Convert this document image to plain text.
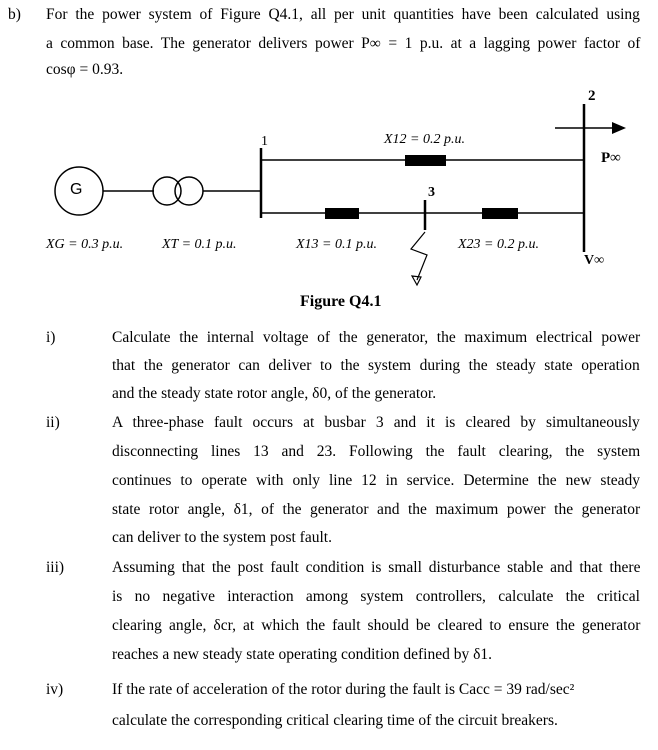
b) For the power system of Figure Q4.1, all per unit quantities have been calculated using
a common base. The generator delivers power P∞ = 1 p.u. at a lagging power factor of
cosφ = 0.93.
G
1
2
3
X12 = 0.2 p.u.
XG = 0.3 p.u.	XT = 0.1 p.u.	X13 = 0.1 p.u.	X23 = 0.2 p.u.
P∞
V∞
Figure Q4.1
i)	Calculate the internal voltage of the generator, the maximum electrical power
that the generator can deliver to the system during the steady state operation
and the steady state rotor angle, δ0, of the generator.
ii)	A three-phase fault occurs at busbar 3 and it is cleared by simultaneously
disconnecting lines 13 and 23. Following the fault clearing, the system
continues to operate with only line 12 in service. Determine the new steady
state rotor angle, δ1, of the generator and the maximum power the generator
can deliver to the system post fault.
iii)	Assuming that the post fault condition is small disturbance stable and that there
is no negative interaction among system controllers, calculate the critical
clearing angle, δcr, at which the fault should be cleared to ensure the generator
reaches a new steady state operating condition defined by δ1.
iv)	If the rate of acceleration of the rotor during the fault is Cacc = 39 rad/sec²
calculate the corresponding critical clearing time of the circuit breakers.
